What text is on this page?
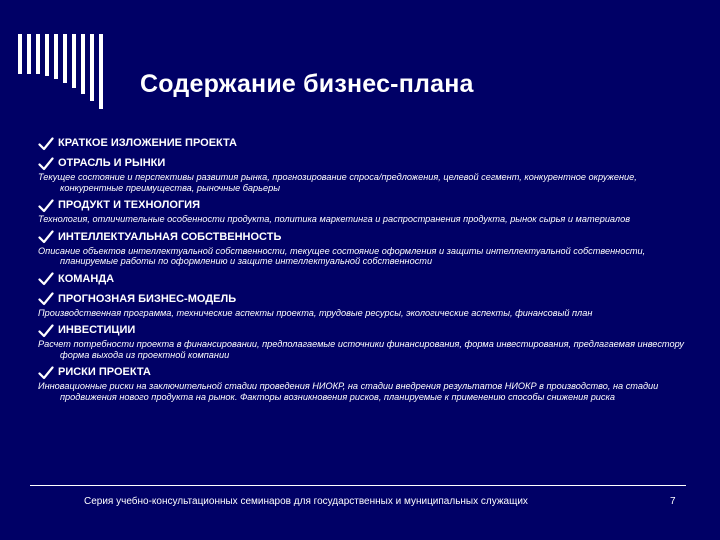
Содержание бизнес-плана
КРАТКОЕ ИЗЛОЖЕНИЕ ПРОЕКТА
ОТРАСЛЬ И РЫНКИ
Текущее состояние и перспективы развития рынка, прогнозирование спроса/предложения, целевой сегмент, конкурентное окружение, конкурентные преимущества, рыночные барьеры
ПРОДУКТ И ТЕХНОЛОГИЯ
Технология, отличительные особенности продукта, политика маркетинга и распространения продукта, рынок сырья и материалов
ИНТЕЛЛЕКТУАЛЬНАЯ СОБСТВЕННОСТЬ
Описание объектов интеллектуальной собственности, текущее состояние оформления и защиты интеллектуальной собственности, планируемые работы по оформлению и защите интеллектуальной собственности
КОМАНДА
ПРОГНОЗНАЯ БИЗНЕС-МОДЕЛЬ
Производственная программа, технические аспекты проекта, трудовые ресурсы, экологические аспекты, финансовый план
ИНВЕСТИЦИИ
Расчет потребности проекта в финансировании, предполагаемые источники финансирования, форма инвестирования, предлагаемая инвестору форма выхода из проектной компании
РИСКИ ПРОЕКТА
Инновационные риски на заключительной стадии проведения НИОКР, на стадии внедрения результатов НИОКР в производство, на стадии продвижения нового продукта на рынок. Факторы возникновения рисков, планируемые к применению способы снижения риска
Серия учебно-консультационных семинаров для государственных и муниципальных служащих	7
